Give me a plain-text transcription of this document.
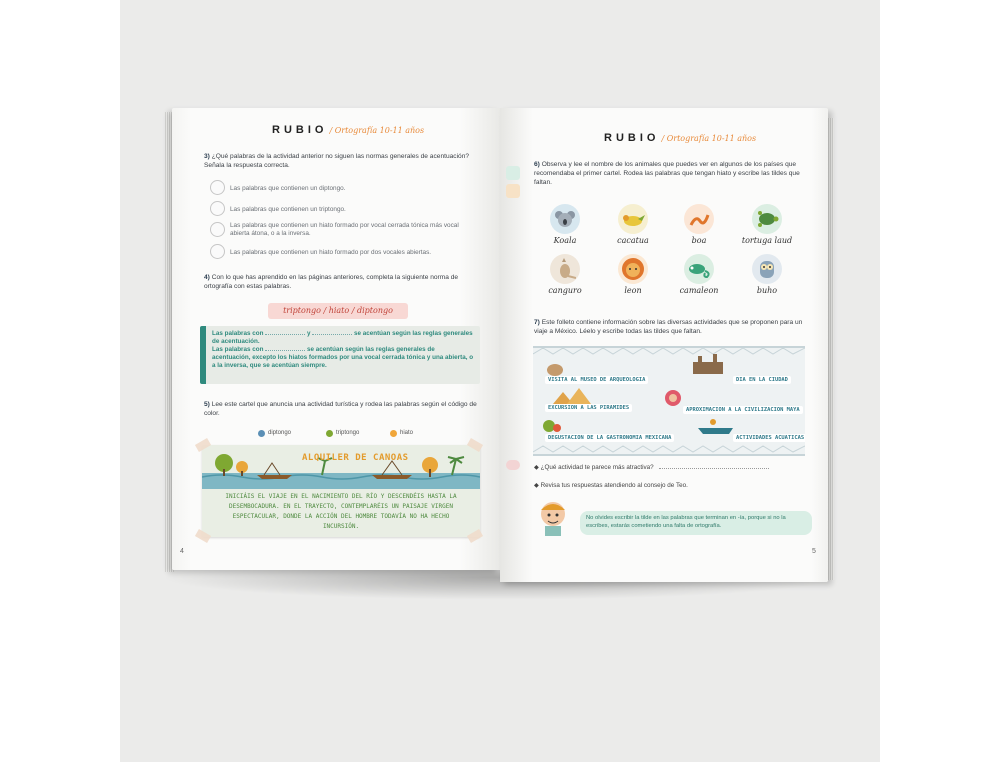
RUBIO / Ortografía 10-11 años
3) ¿Qué palabras de la actividad anterior no siguen las normas generales de acentuación? Señala la respuesta correcta.
Las palabras que contienen un diptongo.
Las palabras que contienen un triptongo.
Las palabras que contienen un hiato formado por vocal cerrada tónica más vocal abierta átona, o a la inversa.
Las palabras que contienen un hiato formado por dos vocales abiertas.
4) Con lo que has aprendido en las páginas anteriores, completa la siguiente norma de ortografía con estas palabras.
triptongo / hiato / diptongo
Las palabras con	y	se acentúan según las reglas generales de acentuación.
Las palabras con	se acentúan según las reglas generales de acentuación, excepto los hiatos formados por una vocal cerrada tónica y una abierta, o a la inversa, que se acentúan siempre.
5) Lee este cartel que anuncia una actividad turística y rodea las palabras según el código de color.
diptongo	triptongo	hiato
ALQUILER DE CANOAS
INICIÁIS EL VIAJE EN EL NACIMIENTO DEL RÍO Y DESCENDÉIS HASTA LA DESEMBOCADURA. EN EL TRAYECTO, CONTEMPLARÉIS UN PAISAJE VIRGEN ESPECTACULAR, DONDE LA ACCIÓN DEL HOMBRE TODAVÍA NO HA HECHO INCURSIÓN.
4
RUBIO / Ortografía 10-11 años
6) Observa y lee el nombre de los animales que puedes ver en algunos de los países que recomendaba el primer cartel. Rodea las palabras que tengan hiato y escribe las tildes que faltan.
Koala	cacatua	boa	tortuga laud
canguro	leon	camaleon	buho
7) Este folleto contiene información sobre las diversas actividades que se proponen para un viaje a México. Léelo y escribe todas las tildes que faltan.
VISITA AL MUSEO DE ARQUEOLOGIA	DIA EN LA CIUDAD
EXCURSION A LAS PIRAMIDES	APROXIMACION A LA CIVILIZACION MAYA
DEGUSTACION DE LA GASTRONOMIA MEXICANA	ACTIVIDADES ACUATICAS
◆ ¿Qué actividad te parece más atractiva?
◆ Revisa tus respuestas atendiendo al consejo de Teo.
No olvides escribir la tilde en las palabras que terminan en -ía, porque si no la escribes, estarás cometiendo una falta de ortografía.
5
